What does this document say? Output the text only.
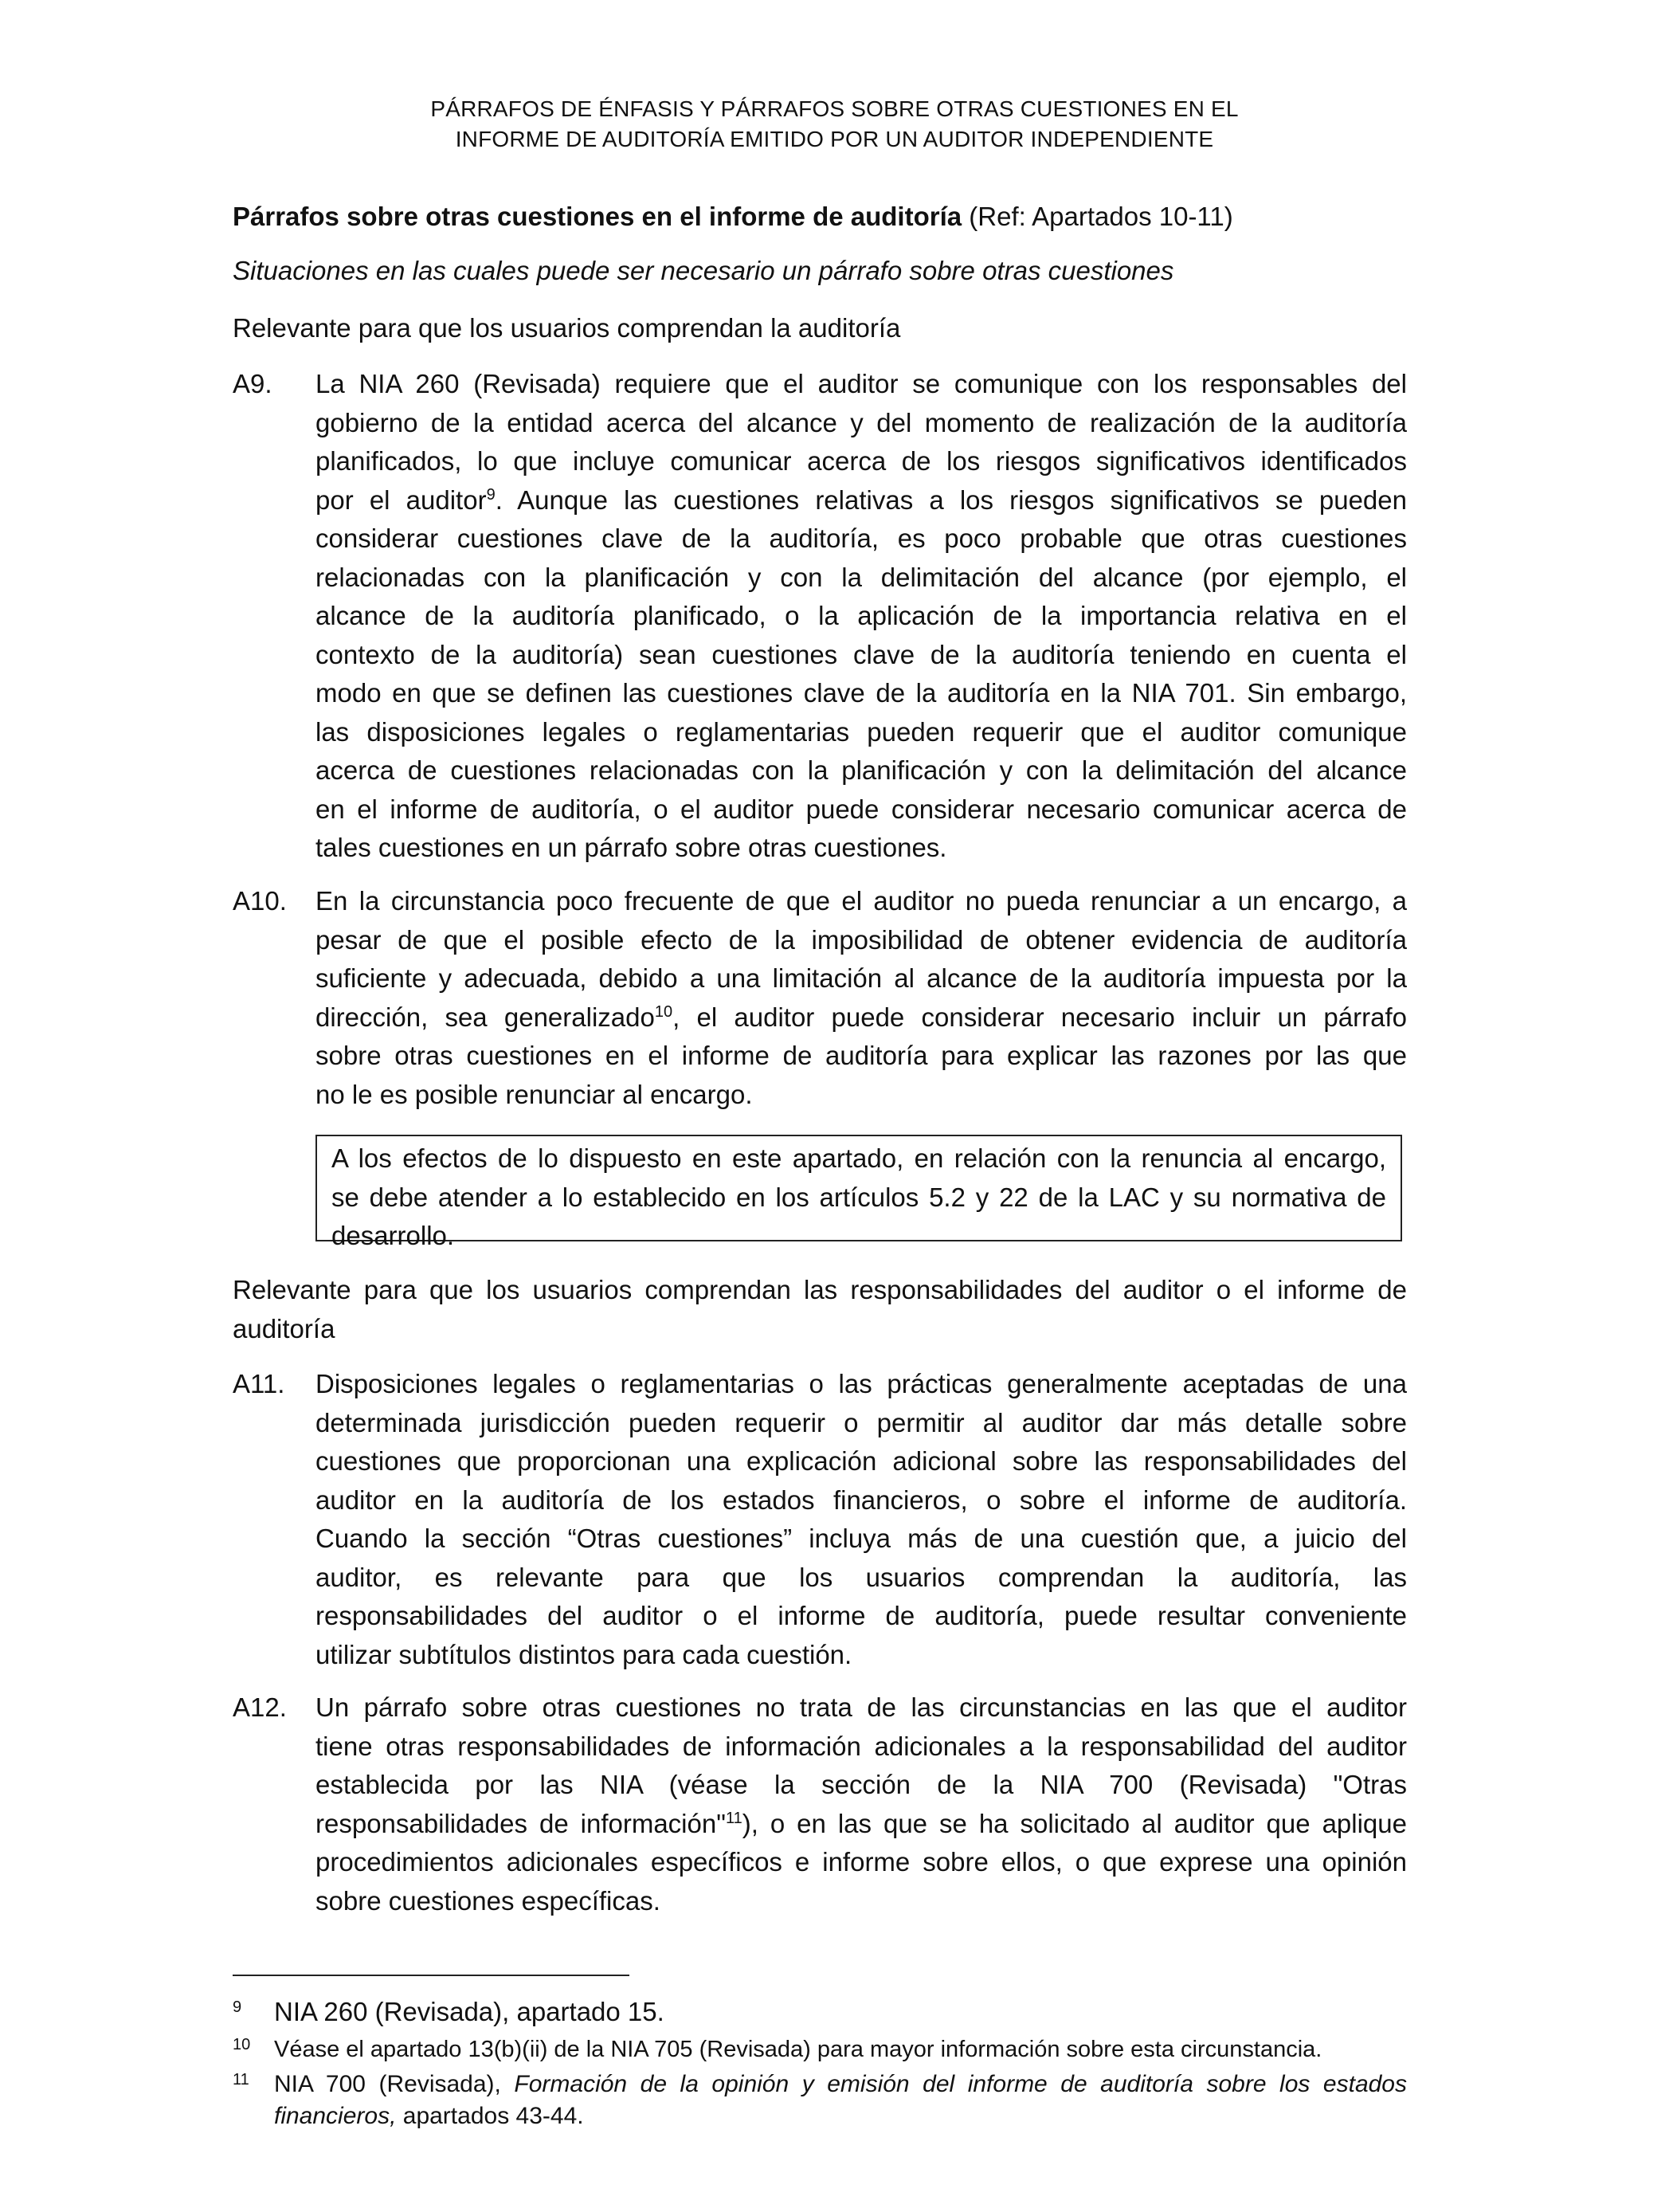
PÁRRAFOS DE ÉNFASIS Y PÁRRAFOS SOBRE OTRAS CUESTIONES EN EL
INFORME DE AUDITORÍA EMITIDO POR UN AUDITOR INDEPENDIENTE
Párrafos sobre otras cuestiones en el informe de auditoría (Ref: Apartados 10-11)
Situaciones en las cuales puede ser necesario un párrafo sobre otras cuestiones
Relevante para que los usuarios comprendan la auditoría
A9. La NIA 260 (Revisada) requiere que el auditor se comunique con los responsables del
gobierno de la entidad acerca del alcance y del momento de realización de la auditoría
planificados, lo que incluye comunicar acerca de los riesgos significativos identificados
por el auditor$^9$. Aunque las cuestiones relativas a los riesgos significativos se pueden
considerar cuestiones clave de la auditoría, es poco probable que otras cuestiones
relacionadas con la planificación y con la delimitación del alcance (por ejemplo, el
alcance de la auditoría planificado, o la aplicación de la importancia relativa en el
contexto de la auditoría) sean cuestiones clave de la auditoría teniendo en cuenta el
modo en que se definen las cuestiones clave de la auditoría en la NIA 701. Sin embargo,
las disposiciones legales o reglamentarias pueden requerir que el auditor comunique
acerca de cuestiones relacionadas con la planificación y con la delimitación del alcance
en el informe de auditoría, o el auditor puede considerar necesario comunicar acerca de
tales cuestiones en un párrafo sobre otras cuestiones.
A10. En la circunstancia poco frecuente de que el auditor no pueda renunciar a un encargo, a
pesar de que el posible efecto de la imposibilidad de obtener evidencia de auditoría
suficiente y adecuada, debido a una limitación al alcance de la auditoría impuesta por la
dirección, sea generalizado$^{10}$, el auditor puede considerar necesario incluir un párrafo
sobre otras cuestiones en el informe de auditoría para explicar las razones por las que
no le es posible renunciar al encargo.
A los efectos de lo dispuesto en este apartado, en relación con la renuncia al encargo,
se debe atender a lo establecido en los artículos 5.2 y 22 de la LAC y su normativa de
desarrollo.
Relevante para que los usuarios comprendan las responsabilidades del auditor o el informe de
auditoría
A11. Disposiciones legales o reglamentarias o las prácticas generalmente aceptadas de una
determinada jurisdicción pueden requerir o permitir al auditor dar más detalle sobre
cuestiones que proporcionan una explicación adicional sobre las responsabilidades del
auditor en la auditoría de los estados financieros, o sobre el informe de auditoría.
Cuando la sección “Otras cuestiones” incluya más de una cuestión que, a juicio del
auditor, es relevante para que los usuarios comprendan la auditoría, las
responsabilidades del auditor o el informe de auditoría, puede resultar conveniente
utilizar subtítulos distintos para cada cuestión.
A12. Un párrafo sobre otras cuestiones no trata de las circunstancias en las que el auditor
tiene otras responsabilidades de información adicionales a la responsabilidad del auditor
establecida por las NIA (véase la sección de la NIA 700 (Revisada) "Otras
responsabilidades de información"$^{11}$), o en las que se ha solicitado al auditor que aplique
procedimientos adicionales específicos e informe sobre ellos, o que exprese una opinión
sobre cuestiones específicas.
9 NIA 260 (Revisada), apartado 15.
10 Véase el apartado 13(b)(ii) de la NIA 705 (Revisada) para mayor información sobre esta circunstancia.
11 NIA 700 (Revisada), Formación de la opinión y emisión del informe de auditoría sobre los estados
financieros, apartados 43-44.
